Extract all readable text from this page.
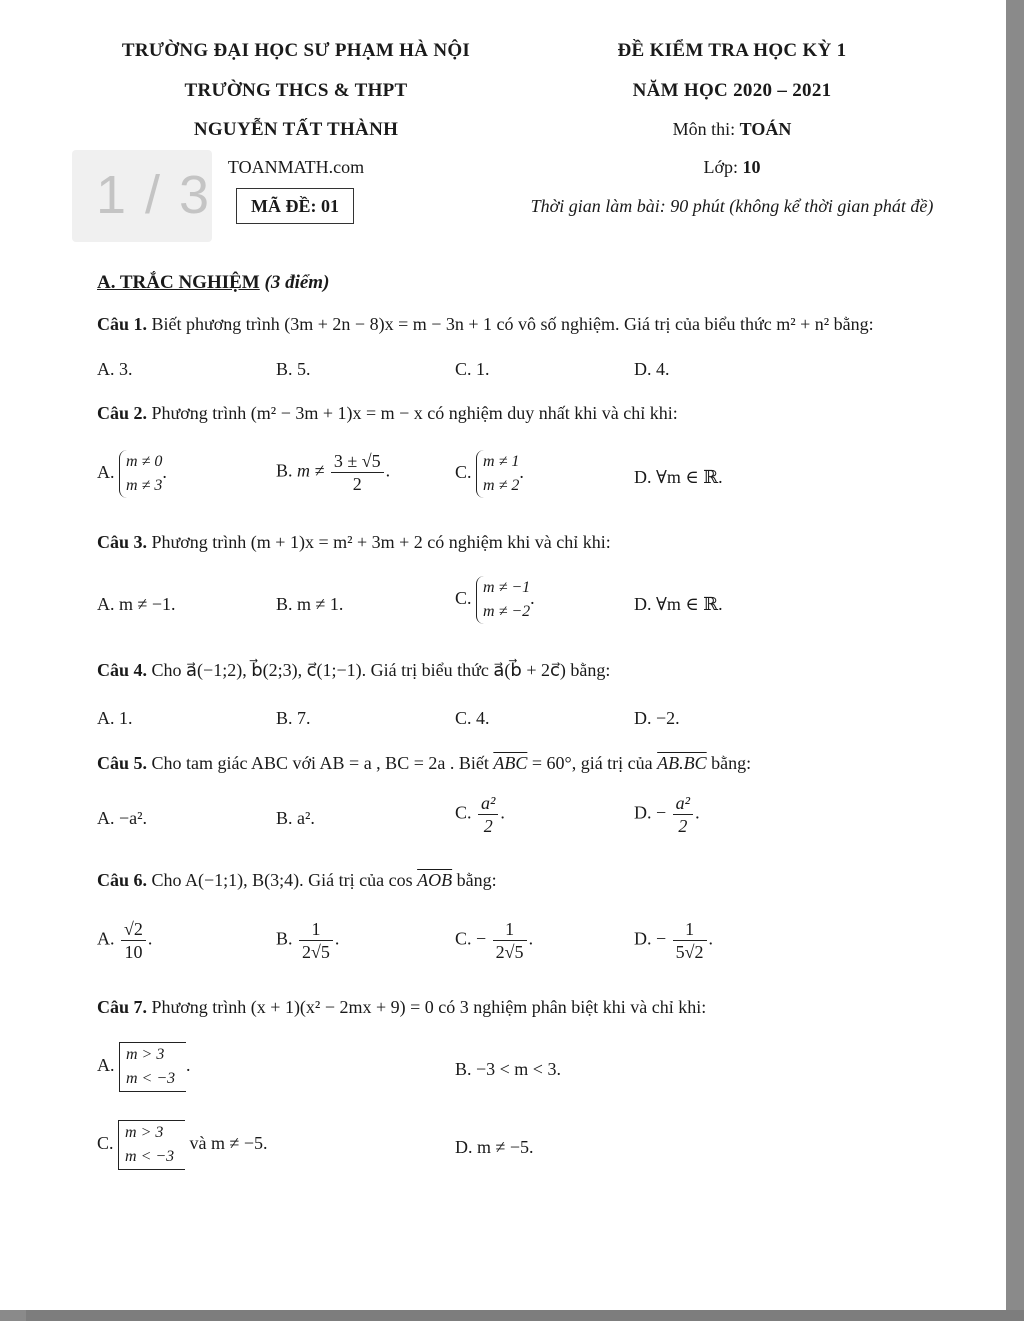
TRƯỜNG ĐẠI HỌC SƯ PHẠM HÀ NỘI
TRƯỜNG THCS & THPT
NGUYỄN TẤT THÀNH
TOANMATH.com
1 / 3	MÃ ĐỀ: 01
ĐỀ KIỂM TRA HỌC KỲ 1
NĂM HỌC 2020 – 2021
Môn thi: TOÁN
Lớp: 10
Thời gian làm bài: 90 phút (không kể thời gian phát đề)
A. TRẮC NGHIỆM (3 điểm)
Câu 1. Biết phương trình (3m + 2n − 8)x = m − 3n + 1 có vô số nghiệm. Giá trị của biểu thức m² + n² bằng:
A. 3.	B. 5.	C. 1.	D. 4.
Câu 2. Phương trình (m² − 3m + 1)x = m − x có nghiệm duy nhất khi và chỉ khi:
A.
m ≠ 0
m ≠ 3
.	B. $m \ne \frac{3 \pm √5}{2}$ .	C.
m ≠ 1
m ≠ 2
.	D. ∀m ∈ ℝ.
Câu 3. Phương trình (m + 1)x = m² + 3m + 2 có nghiệm khi và chỉ khi:
A. m ≠ −1.	B. m ≠ 1.	C.
m ≠ −1
m ≠ −2
.	D. ∀m ∈ ℝ.
Câu 4. Cho a⃗(−1;2), b⃗(2;3), c⃗(1;−1). Giá trị biểu thức a⃗(b⃗ + 2c⃗) bằng:
A. 1.	B. 7.	C. 4.	D. −2.
Câu 5. Cho tam giác ABC với AB = a , BC = 2a . Biết $\overline{ABC} = 60^\circ$, giá trị của AB.BC bằng:
A. −a².	B. a².	C. $\frac{\text{a²}}{2}$ .	D. − $\frac{\text{a²}}{2}$ .
Câu 6. Cho A(−1;1), B(3;4). Giá trị của $\cos \overline{AOB}$ bằng:
A. $\frac{√2}{10}$ .	B. $\frac{1}{2√5}$ .	C. − $\frac{1}{2√5}$ .	D. − $\frac{1}{5√2}$ .
Câu 7. Phương trình (x + 1)(x² − 2mx + 9) = 0 có 3 nghiệm phân biệt khi và chỉ khi:
A.
m > 3
m < −3
.	B. −3 < m < 3.
C.
m > 3
m < −3
và m ≠ −5.	D. m ≠ −5.
